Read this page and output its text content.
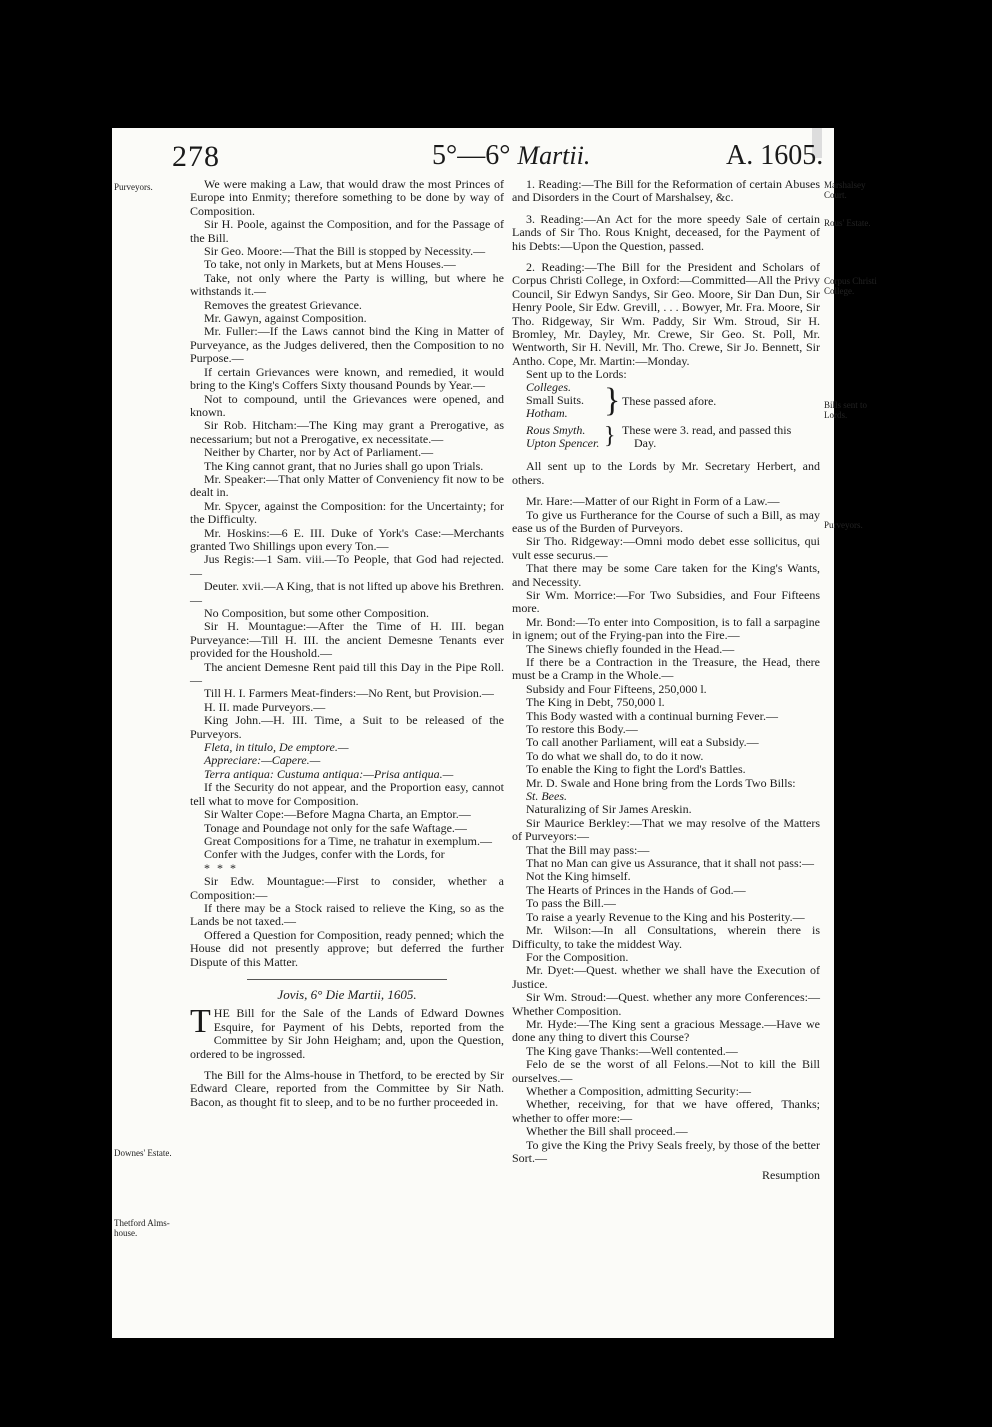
278	5°—6° Martii.	A. 1605.
Purveyors.
Downes' Estate.
Thetford Alms-house.
Marshalsey Court.
Rous' Estate.
Corpus Christi College.
Bills sent to Lords.
Purveyors.

We were making a Law, that would draw the most Princes of Europe into Enmity; therefore something to be done by way of Composition.

Sir H. Poole, against the Composition, and for the Passage of the Bill.

Sir Geo. Moore:—That the Bill is stopped by Necessity.—

To take, not only in Markets, but at Mens Houses.—

Take, not only where the Party is willing, but where he withstands it.—

Removes the greatest Grievance.

Mr. Gawyn, against Composition.

Mr. Fuller:—If the Laws cannot bind the King in Matter of Purveyance, as the Judges delivered, then the Composition to no Purpose.—

If certain Grievances were known, and remedied, it would bring to the King's Coffers Sixty thousand Pounds by Year.—

Not to compound, until the Grievances were opened, and known.

Sir Rob. Hitcham:—The King may grant a Prerogative, as necessarium; but not a Prerogative, ex necessitate.—

Neither by Charter, nor by Act of Parliament.—

The King cannot grant, that no Juries shall go upon Trials.

Mr. Speaker:—That only Matter of Conveniency fit now to be dealt in.

Mr. Spycer, against the Composition: for the Uncertainty; for the Difficulty.

Mr. Hoskins:—6 E. III. Duke of York's Case:—Merchants granted Two Shillings upon every Ton.—

Jus Regis:—1 Sam. viii.—To People, that God had rejected.—

Deuter. xvii.—A King, that is not lifted up above his Brethren.—

No Composition, but some other Composition.

Sir H. Mountague:—After the Time of H. III. began Purveyance:—Till H. III. the ancient Demesne Tenants ever provided for the Houshold.—

The ancient Demesne Rent paid till this Day in the Pipe Roll.—

Till H. I. Farmers Meat-finders:—No Rent, but Provision.—

H. II. made Purveyors.—

King John.—H. III. Time, a Suit to be released of the Purveyors.

Fleta, in titulo, De emptore.—

Appreciare:—Capere.—

Terra antiqua: Custuma antiqua:—Prisa antiqua.—

If the Security do not appear, and the Proportion easy, cannot tell what to move for Composition.

Sir Walter Cope:—Before Magna Charta, an Emptor.—

Tonage and Poundage not only for the safe Waftage.—

Great Compositions for a Time, ne trahatur in exemplum.—

Confer with the Judges, confer with the Lords, for

* * *

Sir Edw. Mountague:—First to consider, whether a Composition:—

If there may be a Stock raised to relieve the King, so as the Lands be not taxed.—

Offered a Question for Composition, ready penned; which the House did not presently approve; but deferred the further Dispute of this Matter.

Jovis, 6° Die Martii, 1605.

THE Bill for the Sale of the Lands of Edward Downes Esquire, for Payment of his Debts, reported from the Committee by Sir John Heigham; and, upon the Question, ordered to be ingrossed.

The Bill for the Alms-house in Thetford, to be erected by Sir Edward Cleare, reported from the Committee by Sir Nath. Bacon, as thought fit to sleep, and to be no further proceeded in.

1. Reading:—The Bill for the Reformation of certain Abuses and Disorders in the Court of Marshalsey, &c.

3. Reading:—An Act for the more speedy Sale of certain Lands of Sir Tho. Rous Knight, deceased, for the Payment of his Debts:—Upon the Question, passed.

2. Reading:—The Bill for the President and Scholars of Corpus Christi College, in Oxford:—Committed—All the Privy Council, Sir Edwyn Sandys, Sir Geo. Moore, Sir Dan Dun, Sir Henry Poole, Sir Edw. Grevill, . . . Bowyer, Mr. Fra. Moore, Sir Tho. Ridgeway, Sir Wm. Paddy, Sir Wm. Stroud, Sir H. Bromley, Mr. Dayley, Mr. Crewe, Sir Geo. St. Poll, Mr. Wentworth, Sir H. Nevill, Mr. Tho. Crewe, Sir Jo. Bennett, Sir Antho. Cope, Mr. Martin:—Monday.

Sent up to the Lords:
Colleges.
Small Suits.
Hotham. } These passed afore.
Rous Smyth.
Upton Spencer. } These were 3. read, and passed this
Day.

All sent up to the Lords by Mr. Secretary Herbert, and others.

Mr. Hare:—Matter of our Right in Form of a Law.—

To give us Furtherance for the Course of such a Bill, as may ease us of the Burden of Purveyors.

Sir Tho. Ridgeway:—Omni modo debet esse sollicitus, qui vult esse securus.—

That there may be some Care taken for the King's Wants, and Necessity.

Sir Wm. Morrice:—For Two Subsidies, and Four Fifteens more.

Mr. Bond:—To enter into Composition, is to fall a sarpagine in ignem; out of the Frying-pan into the Fire.—

The Sinews chiefly founded in the Head.—

If there be a Contraction in the Treasure, the Head, there must be a Cramp in the Whole.—

Subsidy and Four Fifteens, 250,000 l.

The King in Debt, 750,000 l.

This Body wasted with a continual burning Fever.—

To restore this Body.—

To call another Parliament, will eat a Subsidy.—

To do what we shall do, to do it now.

To enable the King to fight the Lord's Battles.

Mr. D. Swale and Hone bring from the Lords Two Bills:

St. Bees.

Naturalizing of Sir James Areskin.

Sir Maurice Berkley:—That we may resolve of the Matters of Purveyors:—

That the Bill may pass:—

That no Man can give us Assurance, that it shall not pass:—

Not the King himself.

The Hearts of Princes in the Hands of God.—

To pass the Bill.—

To raise a yearly Revenue to the King and his Posterity.—

Mr. Wilson:—In all Consultations, wherein there is Difficulty, to take the middest Way.

For the Composition.

Mr. Dyet:—Quest. whether we shall have the Execution of Justice.

Sir Wm. Stroud:—Quest. whether any more Conferences:—Whether Composition.

Mr. Hyde:—The King sent a gracious Message.—Have we done any thing to divert this Course?

The King gave Thanks:—Well contented.—

Felo de se the worst of all Felons.—Not to kill the Bill ourselves.—

Whether a Composition, admitting Security:—

Whether, receiving, for that we have offered, Thanks; whether to offer more:—

Whether the Bill shall proceed.—

To give the King the Privy Seals freely, by those of the better Sort.—

Resumption
